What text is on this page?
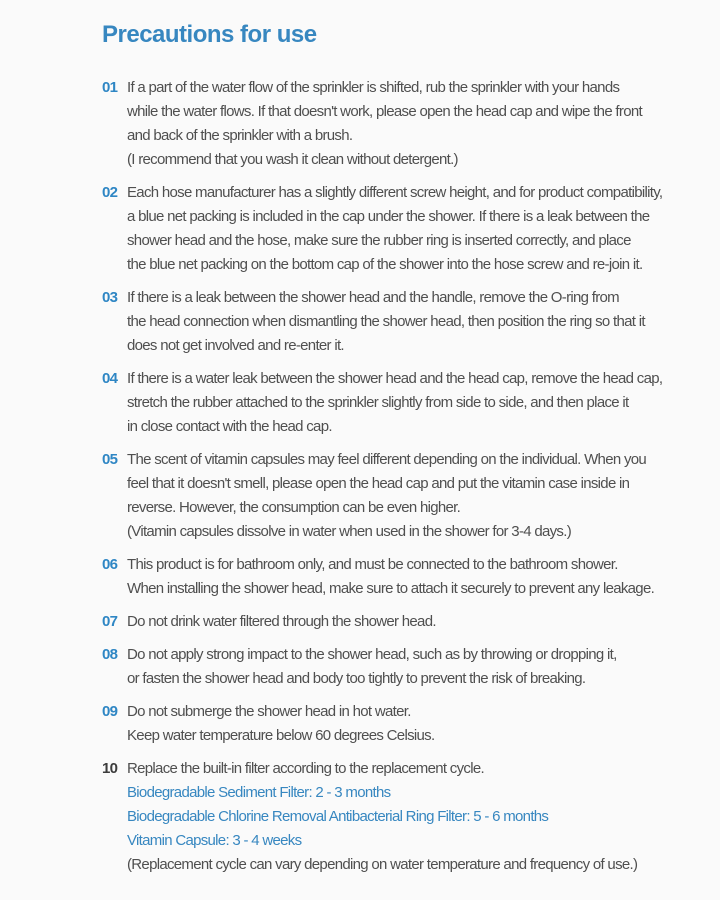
Precautions for use
01 If a part of the water flow of the sprinkler is shifted, rub the sprinkler with your hands
while the water flows. If that doesn't work, please open the head cap and wipe the front
and back of the sprinkler with a brush.
(I recommend that you wash it clean without detergent.)
02 Each hose manufacturer has a slightly different screw height, and for product compatibility,
a blue net packing is included in the cap under the shower. If there is a leak between the
shower head and the hose, make sure the rubber ring is inserted correctly, and place
the blue net packing on the bottom cap of the shower into the hose screw and re-join it.
03 If there is a leak between the shower head and the handle, remove the O-ring from
the head connection when dismantling the shower head, then position the ring so that it
does not get involved and re-enter it.
04 If there is a water leak between the shower head and the head cap, remove the head cap,
stretch the rubber attached to the sprinkler slightly from side to side, and then place it
in close contact with the head cap.
05 The scent of vitamin capsules may feel different depending on the individual. When you
feel that it doesn't smell, please open the head cap and put the vitamin case inside in
reverse. However, the consumption can be even higher.
(Vitamin capsules dissolve in water when used in the shower for 3-4 days.)
06 This product is for bathroom only, and must be connected to the bathroom shower.
When installing the shower head, make sure to attach it securely to prevent any leakage.
07 Do not drink water filtered through the shower head.
08 Do not apply strong impact to the shower head, such as by throwing or dropping it,
or fasten the shower head and body too tightly to prevent the risk of breaking.
09 Do not submerge the shower head in hot water.
Keep water temperature below 60 degrees Celsius.
10 Replace the built-in filter according to the replacement cycle.
Biodegradable Sediment Filter: 2 - 3 months
Biodegradable Chlorine Removal Antibacterial Ring Filter: 5 - 6 months
Vitamin Capsule: 3 - 4 weeks
(Replacement cycle can vary depending on water temperature and frequency of use.)
